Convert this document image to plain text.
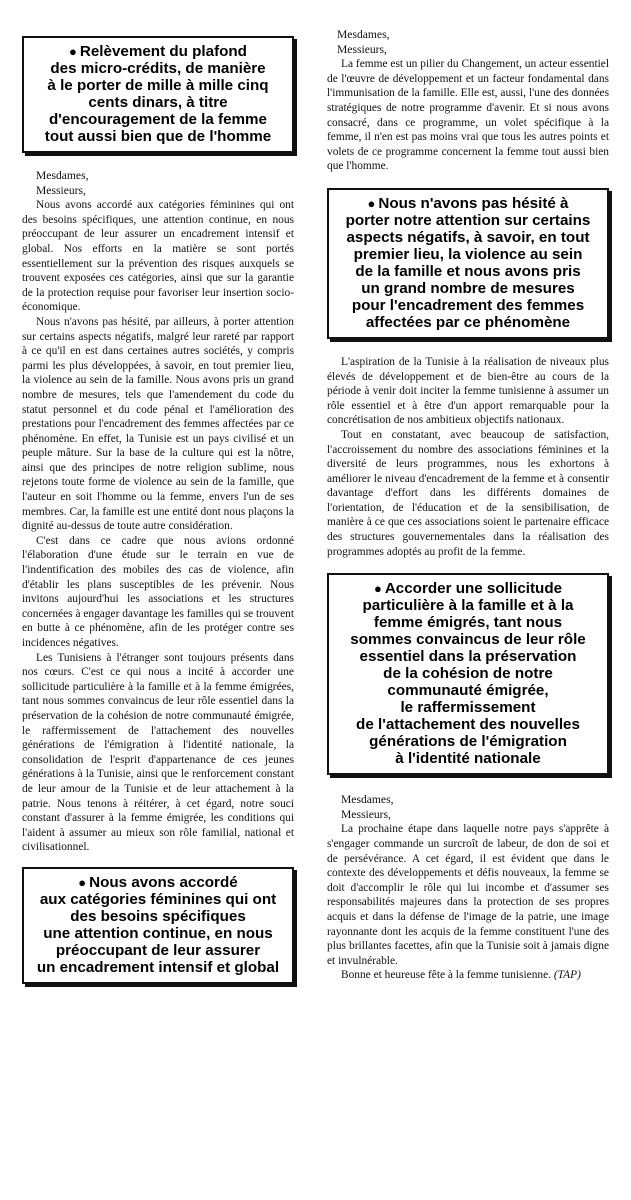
● Relèvement du plafond
des micro-crédits, de manière
à le porter de mille à mille cinq
cents dinars, à titre
d'encouragement de la femme
tout aussi bien que de l'homme

Mesdames,

Messieurs,

Nous avons accordé aux catégories féminines qui ont des besoins spécifiques, une attention continue, en nous préoccupant de leur assurer un encadrement intensif et global. Nos efforts en la matière se sont portés essentiellement sur la prévention des risques auxquels se trouvent exposées ces catégories, ainsi que sur la garantie de la protection requise pour favoriser leur insertion socio-économique.

Nous n'avons pas hésité, par ailleurs, à porter attention sur certains aspects négatifs, malgré leur rareté par rapport à ce qu'il en est dans certaines autres sociétés, y compris parmi les plus développées, à savoir, en tout premier lieu, la violence au sein de la famille. Nous avons pris un grand nombre de mesures, tels que l'amendement du code du statut personnel et du code pénal et l'amélioration des prestations pour l'encadrement des femmes affectées par ce phénomène. En effet, la Tunisie est un pays civilisé et un peuple mâture. Sur la base de la culture qui est la nôtre, ainsi que des principes de notre religion sublime, nous rejetons toute forme de violence au sein de la famille, que l'auteur en soit l'homme ou la femme, envers l'un de ses membres. Car, la famille est une entité dont nous plaçons la dignité au-dessus de toute autre considération.

C'est dans ce cadre que nous avions ordonné l'élaboration d'une étude sur le terrain en vue de l'indentification des mobiles des cas de violence, afin d'établir les plans susceptibles de les prévenir. Nous invitons aujourd'hui les associations et les structures concernées à engager davantage les familles qui se trouvent en butte à ce phénomène, afin de les protéger contre ses incidences négatives.

Les Tunisiens à l'étranger sont toujours présents dans nos cœurs. C'est ce qui nous a incité à accorder une sollicitude particulière à la famille et à la femme émigrées, tant nous sommes convaincus de leur rôle essentiel dans la préservation de la cohésion de notre communauté émigrée, le raffermissement de l'attachement des nouvelles générations de l'émigration à l'identité nationale, la consolidation de l'esprit d'appartenance de ces jeunes générations à la Tunisie, ainsi que le renforcement constant de leur amour de la Tunisie et de leur attachement à la patrie. Nous tenons à réitérer, à cet égard, notre souci constant d'assurer à la femme émigrée, les conditions qui l'aident à assumer au mieux son rôle familial, national et civilisationnel.

● Nous avons accordé
aux catégories féminines qui ont
des besoins spécifiques
une attention continue, en nous
préoccupant de leur assurer
un encadrement intensif et global

Mesdames,

Messieurs,

La femme est un pilier du Changement, un acteur essentiel de l'œuvre de développement et un facteur fondamental dans l'immunisation de la famille. Elle est, aussi, l'une des données stratégiques de notre programme d'avenir. Et si nous avons consacré, dans ce programme, un volet spécifique à la femme, il n'en est pas moins vrai que tous les autres points et volets de ce programme concernent la femme tout aussi bien que l'homme.

● Nous n'avons pas hésité à
porter notre attention sur certains
aspects négatifs, à savoir, en tout
premier lieu, la violence au sein
de la famille et nous avons pris
un grand nombre de mesures
pour l'encadrement des femmes
affectées par ce phénomène

L'aspiration de la Tunisie à la réalisation de niveaux plus élevés de développement et de bien-être au cours de la période à venir doit inciter la femme tunisienne à assumer un rôle essentiel et à être d'un apport remarquable pour la concrétisation de nos ambitieux objectifs nationaux.

Tout en constatant, avec beaucoup de satisfaction, l'accroissement du nombre des associations féminines et la diversité de leurs programmes, nous les exhortons à améliorer le niveau d'encadrement de la femme et à consentir davantage d'effort dans les différents domaines de l'orientation, de l'éducation et de la sensibilisation, de manière à ce que ces associations soient le partenaire efficace des structures gouvernementales dans la réalisation des programmes adoptés au profit de la femme.

● Accorder une sollicitude
particulière à la famille et à la
femme émigrés, tant nous
sommes convaincus de leur rôle
essentiel dans la préservation
de la cohésion de notre
communauté émigrée,
le raffermissement
de l'attachement des nouvelles
générations de l'émigration
à l'identité nationale

Mesdames,

Messieurs,

La prochaine étape dans laquelle notre pays s'apprête à s'engager commande un surcroît de labeur, de don de soi et de persévérance. A cet égard, il est évident que dans le contexte des développements et défis nouveaux, la femme se doit d'accomplir le rôle qui lui incombe et d'assumer ses responsabilités majeures dans la protection de ses propres acquis et dans la défense de l'image de la patrie, une image rayonnante dont les acquis de la femme constituent l'une des plus brillantes facettes, afin que la Tunisie soit à jamais digne et invulnérable.

Bonne et heureuse fête à la femme tunisienne. (TAP)
